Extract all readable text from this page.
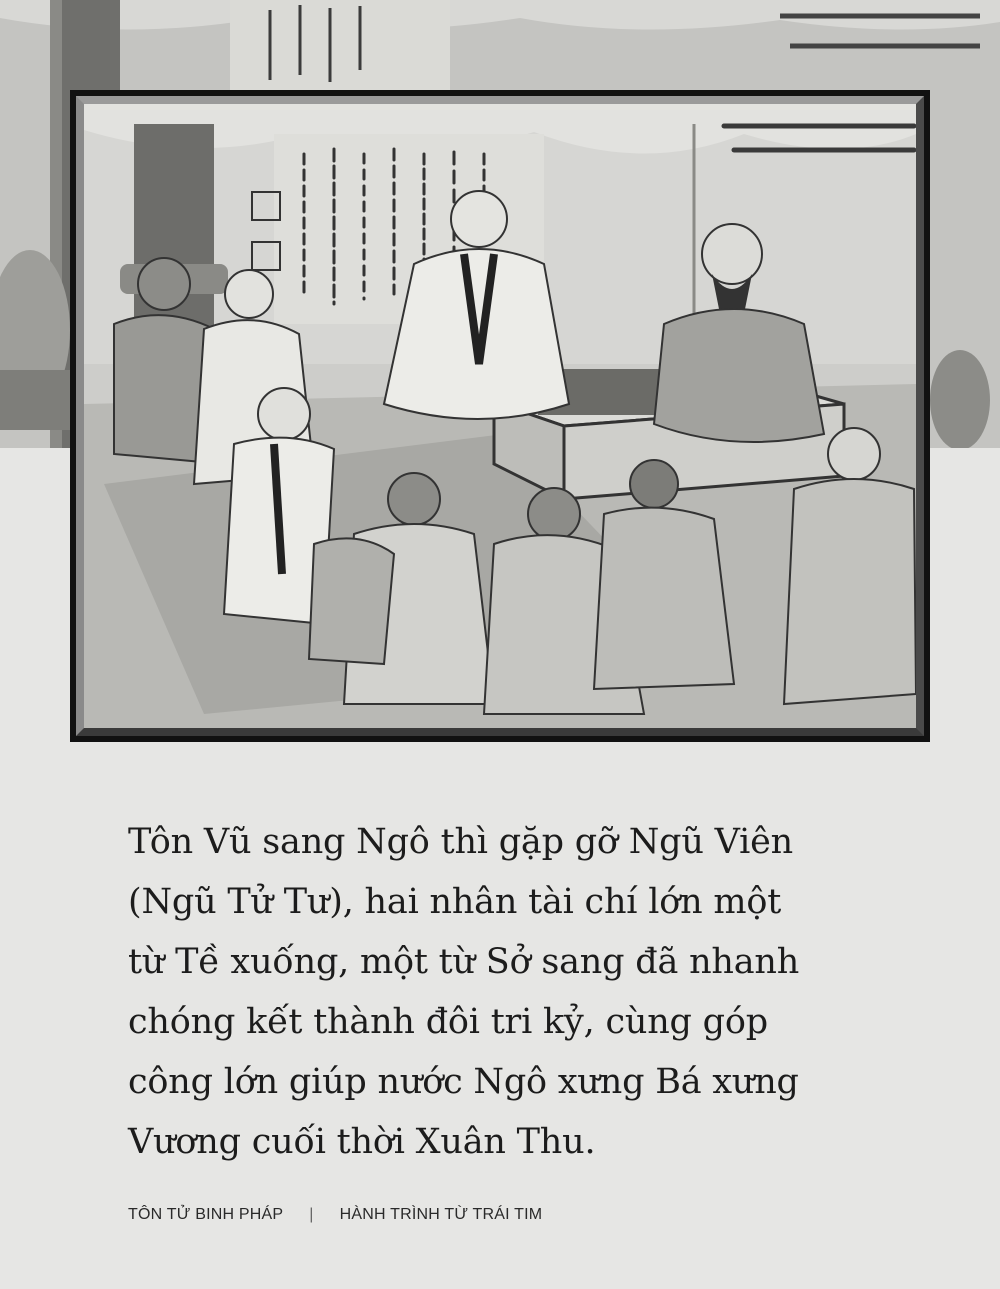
Tôn Vũ sang Ngô thì gặp gỡ Ngũ Viên
(Ngũ Tử Tư), hai nhân tài chí lớn một
từ Tề xuống, một từ Sở sang đã nhanh
chóng kết thành đôi tri kỷ, cùng góp
công lớn giúp nước Ngô xưng Bá xưng
Vương cuối thời Xuân Thu.

TÔN TỬ BINH PHÁP | HÀNH TRÌNH TỪ TRÁI TIM
